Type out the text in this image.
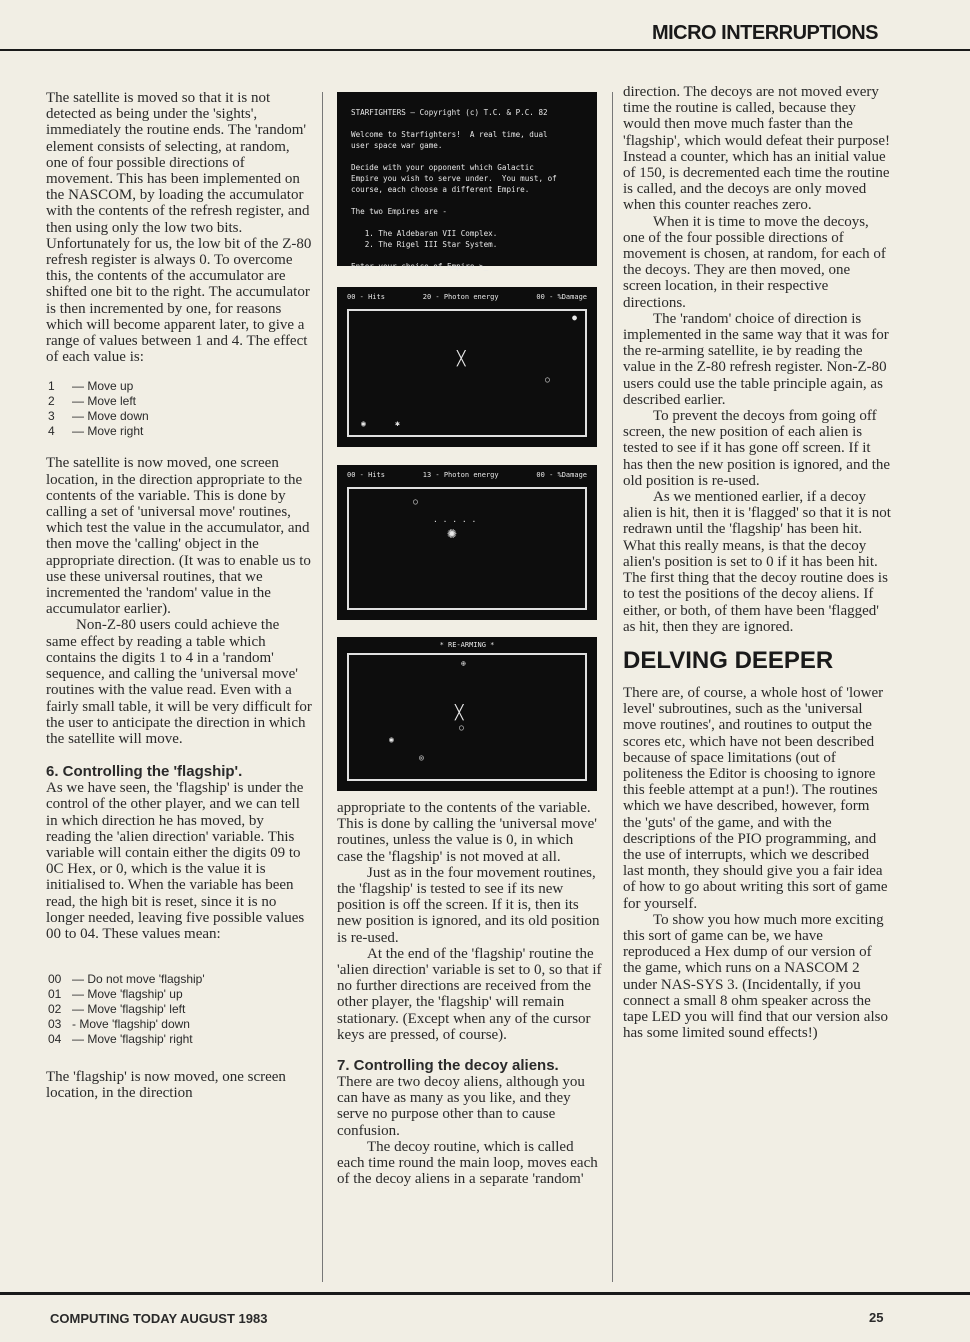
MICRO INTERRUPTIONS

The satellite is moved so that it is not detected as being under the 'sights', immediately the routine ends. The 'random' element consists of selecting, at random, one of four possible directions of movement. This has been implemented on the NASCOM, by loading the accumulator with the contents of the refresh register, and then using only the low two bits. Unfortunately for us, the low bit of the Z-80 refresh register is always 0. To overcome this, the contents of the accumulator are shifted one bit to the right. The accumulator is then incremented by one, for reasons which will become apparent later, to give a range of values between 1 and 4. The effect of each value is:

1	— Move up
2	— Move left
3	— Move down
4	— Move right

The satellite is now moved, one screen location, in the direction appropriate to the contents of the variable. This is done by calling a set of 'universal move' routines, which test the value in the accumulator, and then move the 'calling' object in the appropriate direction. (It was to enable us to use these universal routines, that we incremented the 'random' value in the accumulator earlier).

Non-Z-80 users could achieve the same effect by reading a table which contains the digits 1 to 4 in a 'random' sequence, and calling the 'universal move' routines with the value read. Even with a fairly small table, it will be very difficult for the user to anticipate the direction in which the satellite will move.

6. Controlling the 'flagship'.

As we have seen, the 'flagship' is under the control of the other player, and we can tell in which direction he has moved, by reading the 'alien direction' variable. This variable will contain either the digits 09 to 0C Hex, or 0, which is the value it is initialised to. When the variable has been read, the high bit is reset, since it is no longer needed, leaving five possible values 00 to 04. These values mean:

00 — Do not move 'flagship'
01 — Move 'flagship' up
02 — Move 'flagship' left
03 - Move 'flagship' down
04 — Move 'flagship' right

The 'flagship' is now moved, one screen location, in the direction

STARFIGHTERS — Copyright (c) T.C. & P.C. 82

Welcome to Starfighters!  A real time, dual
user space war game.

Decide with your opponent which Galactic
Empire you wish to serve under.  You must, of
course, each choose a different Empire.

The two Empires are -

1. The Aldebaran VII Complex.
2. The Rigel III Star System.

Enter your choice of Empire >_
00 - Hits	20 - Photon energy	00 - %Damage
●
○
◉	✱
╳
00 - Hits	13 - Photon energy	00 - %Damage
○
✺
· · · · ·
* RE-ARMING *
⊕
○
◉
◎
╳

appropriate to the contents of the variable. This is done by calling the 'universal move' routines, unless the value is 0, in which case the 'flagship' is not moved at all.

Just as in the four movement routines, the 'flagship' is tested to see if its new position is off the screen. If it is, then its new position is ignored, and its old position is re-used.

At the end of the 'flagship' routine the 'alien direction' variable is set to 0, so that if no further directions are received from the other player, the 'flagship' will remain stationary. (Except when any of the cursor keys are pressed, of course).

7. Controlling the decoy aliens.

There are two decoy aliens, although you can have as many as you like, and they serve no purpose other than to cause confusion.

The decoy routine, which is called each time round the main loop, moves each of the decoy aliens in a separate 'random'

direction. The decoys are not moved every time the routine is called, because they would then move much faster than the 'flagship', which would defeat their purpose! Instead a counter, which has an initial value of 150, is decremented each time the routine is called, and the decoys are only moved when this counter reaches zero.

When it is time to move the decoys, one of the four possible directions of movement is chosen, at random, for each of the decoys. They are then moved, one screen location, in their respective directions.

The 'random' choice of direction is implemented in the same way that it was for the re-arming satellite, ie by reading the value in the Z-80 refresh register. Non-Z-80 users could use the table principle again, as described earlier.

To prevent the decoys from going off screen, the new position of each alien is tested to see if it has gone off screen. If it has then the new position is ignored, and the old position is re-used.

As we mentioned earlier, if a decoy alien is hit, then it is 'flagged' so that it is not redrawn until the 'flagship' has been hit. What this really means, is that the decoy alien's position is set to 0 if it has been hit. The first thing that the decoy routine does is to test the positions of the decoy aliens. If either, or both, of them have been 'flagged' as hit, then they are ignored.

DELVING DEEPER

There are, of course, a whole host of 'lower level' subroutines, such as the 'universal move routines', and routines to output the scores etc, which have not been described because of space limitations (out of politeness the Editor is choosing to ignore this feeble attempt at a pun!). The routines which we have described, however, form the 'guts' of the game, and with the descriptions of the PIO programming, and the use of interrupts, which we described last month, they should give you a fair idea of how to go about writing this sort of game for yourself.

To show you how much more exciting this sort of game can be, we have reproduced a Hex dump of our version of the game, which runs on a NASCOM 2 under NAS-SYS 3. (Incidentally, if you connect a small 8 ohm speaker across the tape LED you will find that our version also has some limited sound effects!)

COMPUTING TODAY AUGUST 1983	25
